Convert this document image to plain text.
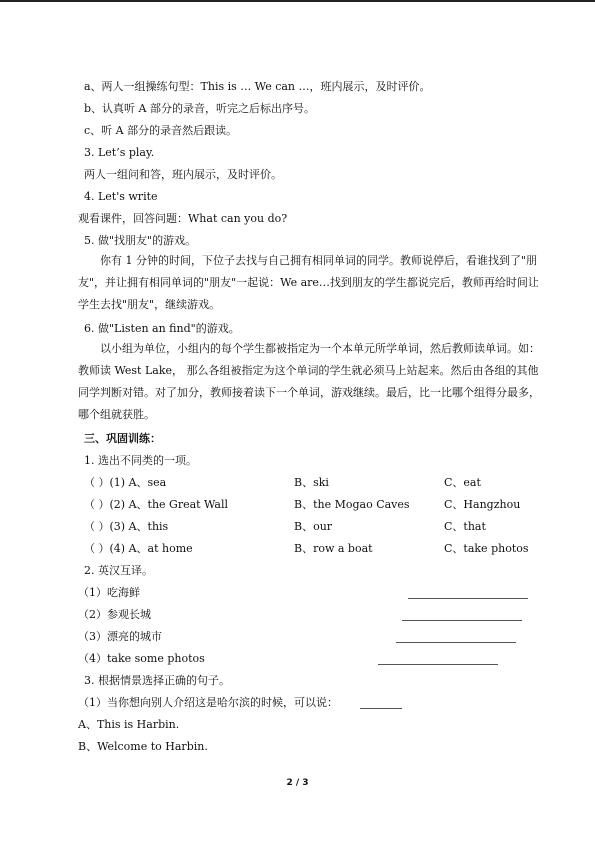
a、两人一组操练句型：This is … We can …，班内展示，及时评价。
b、认真听 A 部分的录音，听完之后标出序号。
c、听 A 部分的录音然后跟读。
3. Let’s play.
两人一组问和答，班内展示，及时评价。
4. Let's write
观看课件，回答问题：What can you do?
5. 做"找朋友"的游戏。

你有 1 分钟的时间，下位子去找与自己拥有相同单词的同学。教师说停后，看谁找到了"朋友"，并让拥有相同单词的"朋友"一起说：We are…找到朋友的学生都说完后，教师再给时间让学生去找"朋友"，继续游戏。

6. 做"Listen an find"的游戏。

以小组为单位，小组内的每个学生都被指定为一个本单元所学单词，然后教师读单词。如：教师读 West Lake， 那么各组被指定为这个单词的学生就必须马上站起来。然后由各组的其他同学判断对错。对了加分，教师接着读下一个单词，游戏继续。最后，比一比哪个组得分最多，哪个组就获胜。

三、巩固训练：
1. 选出不同类的一项。
（ ）(1) A、sea	B、ski	C、eat
（ ）(2) A、the Great Wall	B、the Mogao Caves	C、Hangzhou
（ ）(3) A、this	B、our	C、that
（ ）(4) A、at home	B、row a boat	C、take photos
2. 英汉互译。
（1）吃海鲜
（2）参观长城
（3）漂亮的城市
（4）take some photos
3. 根据情景选择正确的句子。
（1）当你想向别人介绍这是哈尔滨的时候，可以说：
A、This is Harbin.
B、Welcome to Harbin.
2 / 3
